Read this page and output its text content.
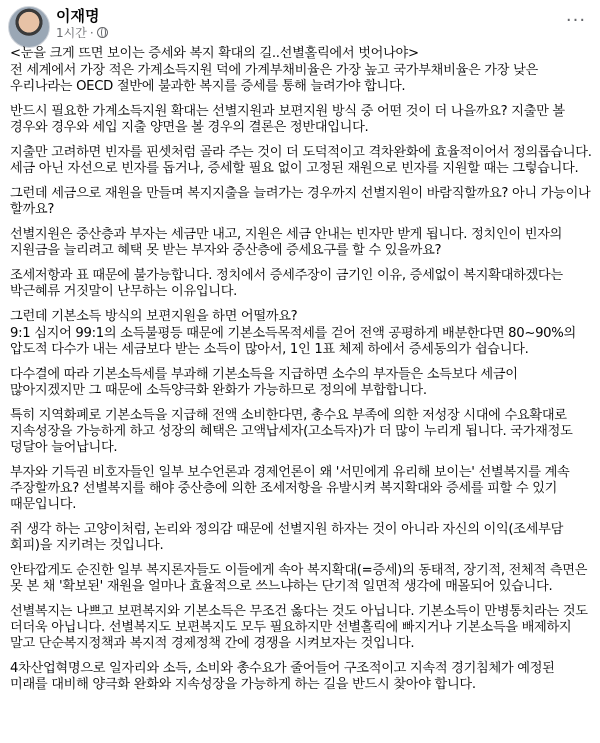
이재명
1시간 ·
···

<눈을 크게 뜨면 보이는 증세와 복지 확대의 길..선별홀릭에서 벗어나야>

전 세계에서 가장 적은 가계소득지원 덕에 가계부채비율은 가장 높고 국가부채비율은 가장 낮은 우리나라는 OECD 절반에 불과한 복지를 증세를 통해 늘려가야 합니다.

반드시 필요한 가계소득지원 확대는 선별지원과 보편지원 방식 중 어떤 것이 더 나을까요? 지출만 볼 경우와 경우와 세입 지출 양면을 볼 경우의 결론은 정반대입니다.

지출만 고려하면 빈자를 핀셋처럼 골라 주는 것이 더 도덕적이고 격차완화에 효율적이어서 정의롭습니다. 세금 아닌 자선으로 빈자를 돕거나, 증세할 필요 없이 고정된 재원으로 빈자를 지원할 때는 그렇습니다.

그런데 세금으로 재원을 만들며 복지지출을 늘려가는 경우까지 선별지원이 바람직할까요? 아니 가능이나 할까요?

선별지원은 중산층과 부자는 세금만 내고, 지원은 세금 안내는 빈자만 받게 됩니다. 정치인이 빈자의 지원금을 늘리려고 혜택 못 받는 부자와 중산층에 증세요구를 할 수 있을까요?

조세저항과 표 때문에 불가능합니다. 정치에서 증세주장이 금기인 이유, 증세없이 복지확대하겠다는 박근혜류 거짓말이 난무하는 이유입니다.

그런데 기본소득 방식의 보편지원을 하면 어떨까요?

9:1 심지어 99:1의 소득불평등 때문에 기본소득목적세를 걷어 전액 공평하게 배분한다면 80~90%의 압도적 다수가 내는 세금보다 받는 소득이 많아서, 1인 1표 체제 하에서 증세동의가 쉽습니다.

다수결에 따라 기본소득세를 부과해 기본소득을 지급하면 소수의 부자들은 소득보다 세금이 많아지겠지만 그 때문에 소득양극화 완화가 가능하므로 정의에 부합합니다.

특히 지역화폐로 기본소득을 지급해 전액 소비한다면, 총수요 부족에 의한 저성장 시대에 수요확대로 지속성장을 가능하게 하고 성장의 혜택은 고액납세자(고소득자)가 더 많이 누리게 됩니다. 국가재정도 덩달아 늘어납니다.

부자와 기득권 비호자들인 일부 보수언론과 경제언론이 왜 '서민에게 유리해 보이는' 선별복지를 계속 주장할까요? 선별복지를 해야 중산층에 의한 조세저항을 유발시켜 복지확대와 증세를 피할 수 있기 때문입니다.

쥐 생각 하는 고양이처럼, 논리와 정의감 때문에 선별지원 하자는 것이 아니라 자신의 이익(조세부담 회피)을 지키려는 것입니다.

안타깝게도 순진한 일부 복지론자들도 이들에게 속아 복지확대(=증세)의 동태적, 장기적, 전체적 측면은 못 본 채 '확보된' 재원을 얼마나 효율적으로 쓰느냐하는 단기적 일면적 생각에 매몰되어 있습니다.

선별복지는 나쁘고 보편복지와 기본소득은 무조건 옳다는 것도 아닙니다. 기본소득이 만병통치라는 것도 더더욱 아닙니다. 선별복지도 보편복지도 모두 필요하지만 선별홀릭에 빠지거나 기본소득을 배제하지 말고 단순복지정책과 복지적 경제정책 간에 경쟁을 시켜보자는 것입니다.

4차산업혁명으로 일자리와 소득, 소비와 총수요가 줄어들어 구조적이고 지속적 경기침체가 예정된 미래를 대비해 양극화 완화와 지속성장을 가능하게 하는 길을 반드시 찾아야 합니다.
